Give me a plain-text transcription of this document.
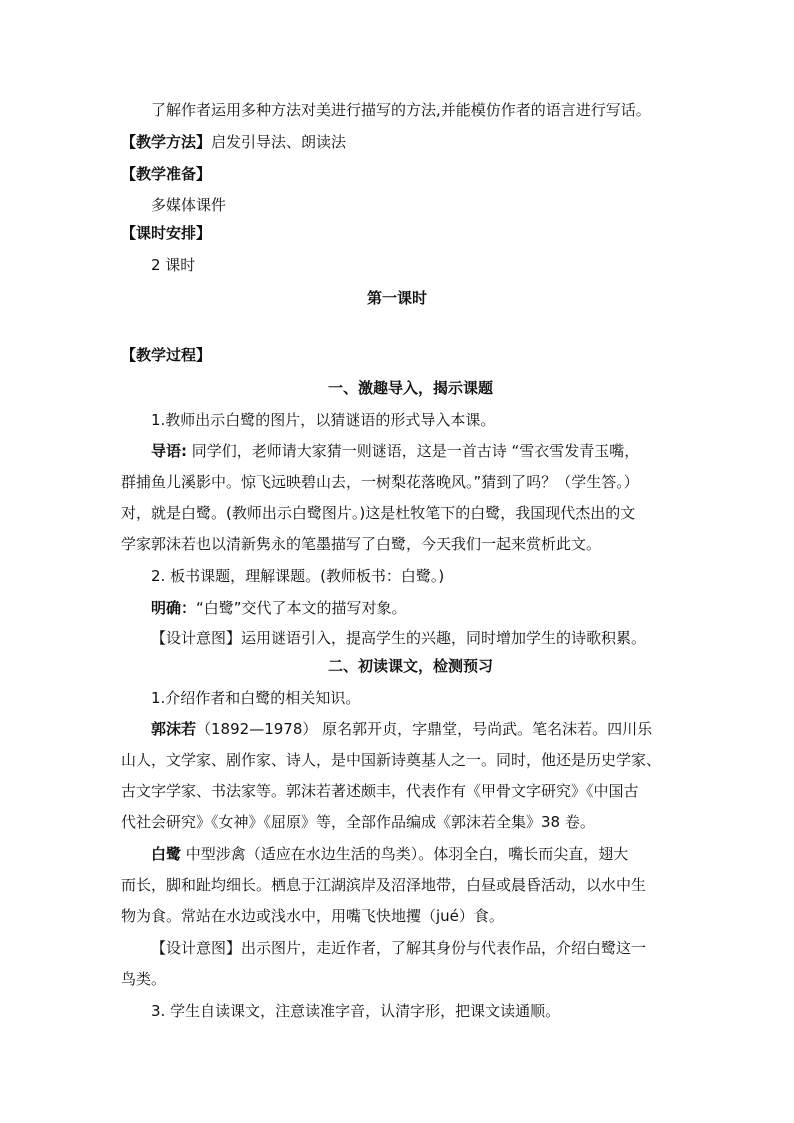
了解作者运用多种方法对美进行描写的方法,并能模仿作者的语言进行写话。
【教学方法】启发引导法、朗读法
【教学准备】
多媒体课件
【课时安排】
2 课时
第一课时
【教学过程】
一、激趣导入，揭示课题
1.教师出示白鹭的图片，以猜谜语的形式导入本课。
导语: 同学们，老师请大家猜一则谜语，这是一首古诗 “雪衣雪发青玉嘴，
群捕鱼儿溪影中。惊飞远映碧山去，一树梨花落晚风。”猜到了吗？（学生答。）
对，就是白鹭。(教师出示白鹭图片。)这是杜牧笔下的白鹭，我国现代杰出的文
学家郭沫若也以清新隽永的笔墨描写了白鹭，今天我们一起来赏析此文。
2. 板书课题，理解课题。(教师板书：白鹭。)
明确：“白鹭”交代了本文的描写对象。
【设计意图】运用谜语引入，提高学生的兴趣，同时增加学生的诗歌积累。
二、初读课文，检测预习
1.介绍作者和白鹭的相关知识。
郭沫若（1892—1978） 原名郭开贞，字鼎堂，号尚武。笔名沫若。四川乐
山人，文学家、剧作家、诗人，是中国新诗奠基人之一。同时，他还是历史学家、
古文字学家、书法家等。郭沫若著述颇丰，代表作有《甲骨文字研究》《中国古
代社会研究》《女神》《屈原》等，全部作品编成《郭沫若全集》38 卷。
白鹭 中型涉禽（适应在水边生活的鸟类）。体羽全白，嘴长而尖直，翅大
而长，脚和趾均细长。栖息于江湖滨岸及沼泽地带，白昼或晨昏活动，以水中生
物为食。常站在水边或浅水中，用嘴飞快地攫（jué）食。
【设计意图】出示图片，走近作者，了解其身份与代表作品，介绍白鹭这一
鸟类。
3. 学生自读课文，注意读准字音，认清字形，把课文读通顺。
